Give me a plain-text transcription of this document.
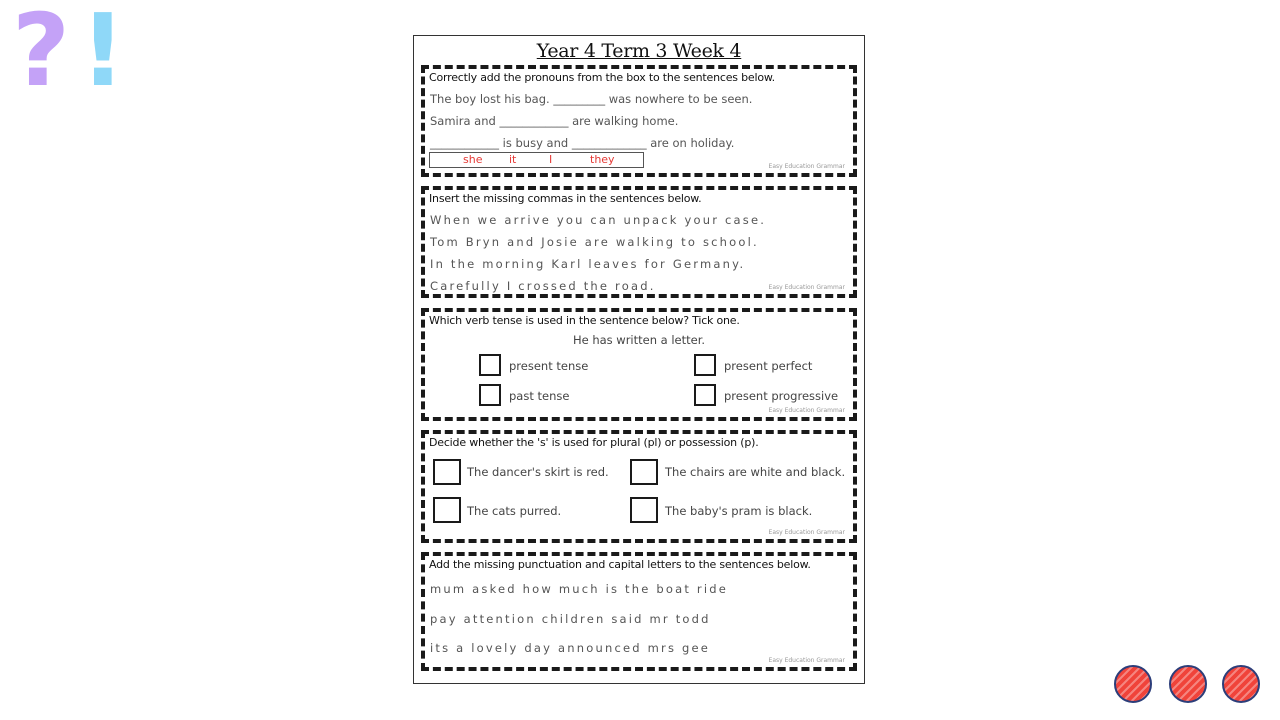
? !	Year 4 Term 3 Week 4
Correctly add the pronouns from the box to the sentences below.
The boy lost his bag. _________ was nowhere to be seen.
Samira and ____________ are walking home.
____________ is busy and _____________ are on holiday.
she it	I	they
Easy Education Grammar
Insert the missing commas in the sentences below.
When we arrive you can unpack your case.
Tom Bryn and Josie are walking to school.
In the morning Karl leaves for Germany.
Carefully I crossed the road.	Easy Education Grammar
Which verb tense is used in the sentence below? Tick one.
He has written a letter.
present tense	present perfect
past tense	present progressive
Easy Education Grammar
Decide whether the 's' is used for plural (pl) or possession (p).
The dancer's skirt is red.	The chairs are white and black.
The cats purred.	The baby's pram is black.
Easy Education Grammar
Add the missing punctuation and capital letters to the sentences below.
mum asked how much is the boat ride
pay attention children said mr todd
its a lovely day announced mrs gee
Easy Education Grammar
